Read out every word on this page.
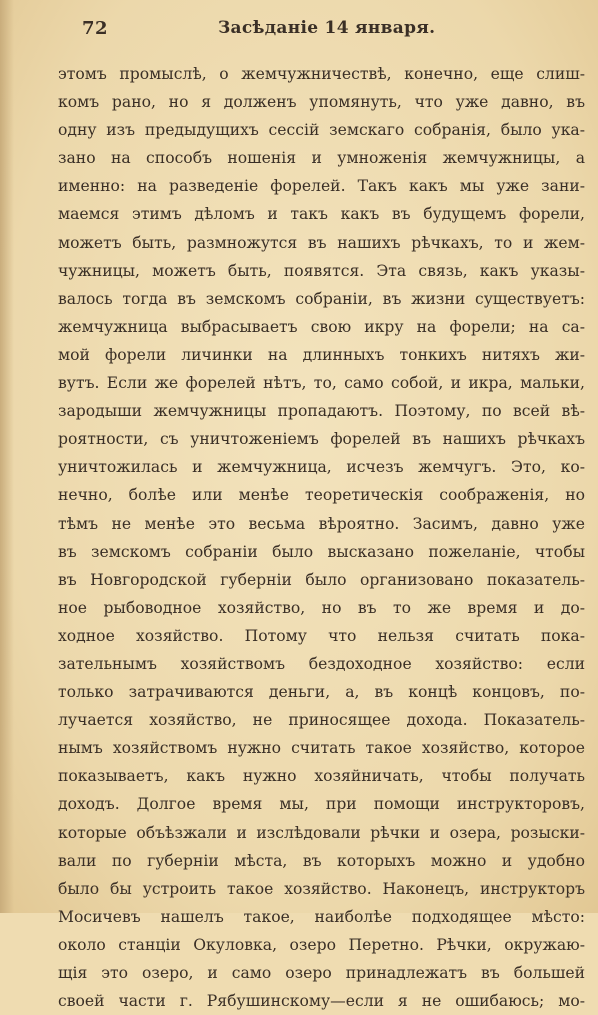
72	Засѣданіе 14 января.
этомъ промыслѣ, о жемчужничествѣ, конечно, еще слиш-
комъ рано, но я долженъ упомянуть, что уже давно, въ
одну изъ предыдущихъ сессій земскаго собранія, было ука-
зано на способъ ношенія и умноженія жемчужницы, а
именно: на разведеніе форелей. Такъ какъ мы уже зани-
маемся этимъ дѣломъ и такъ какъ въ будущемъ форели,
можетъ быть, размножутся въ нашихъ рѣчкахъ, то и жем-
чужницы, можетъ быть, появятся. Эта связь, какъ указы-
валось тогда въ земскомъ собраніи, въ жизни существуетъ:
жемчужница выбрасываетъ свою икру на форели; на са-
мой форели личинки на длинныхъ тонкихъ нитяхъ жи-
вутъ. Если же форелей нѣтъ, то, само собой, и икра, мальки,
зародыши жемчужницы пропадаютъ. Поэтому, по всей вѣ-
роятности, съ уничтоженіемъ форелей въ нашихъ рѣчкахъ
уничтожилась и жемчужница, исчезъ жемчугъ. Это, ко-
нечно, болѣе или менѣе теоретическія соображенія, но
тѣмъ не менѣе это весьма вѣроятно. Засимъ, давно уже
въ земскомъ собраніи было высказано пожеланіе, чтобы
въ Новгородской губерніи было организовано показатель-
ное рыбоводное хозяйство, но въ то же время и до-
ходное хозяйство. Потому что нельзя считать пока-
зательнымъ хозяйствомъ бездоходное хозяйство: если
только затрачиваются деньги, а, въ концѣ концовъ, по-
лучается хозяйство, не приносящее дохода. Показатель-
нымъ хозяйствомъ нужно считать такое хозяйство, которое
показываетъ, какъ нужно хозяйничать, чтобы получать
доходъ. Долгое время мы, при помощи инструкторовъ,
которые объѣзжали и изслѣдовали рѣчки и озера, розыски-
вали по губерніи мѣста, въ которыхъ можно и удобно
было бы устроить такое хозяйство. Наконецъ, инструкторъ
Мосичевъ нашелъ такое, наиболѣе подходящее мѣсто:
около станціи Окуловка, озеро Перетно. Рѣчки, окружаю-
щія это озеро, и само озеро принадлежатъ въ большей
своей части г. Рябушинскому—если я не ошибаюсь; мо-
